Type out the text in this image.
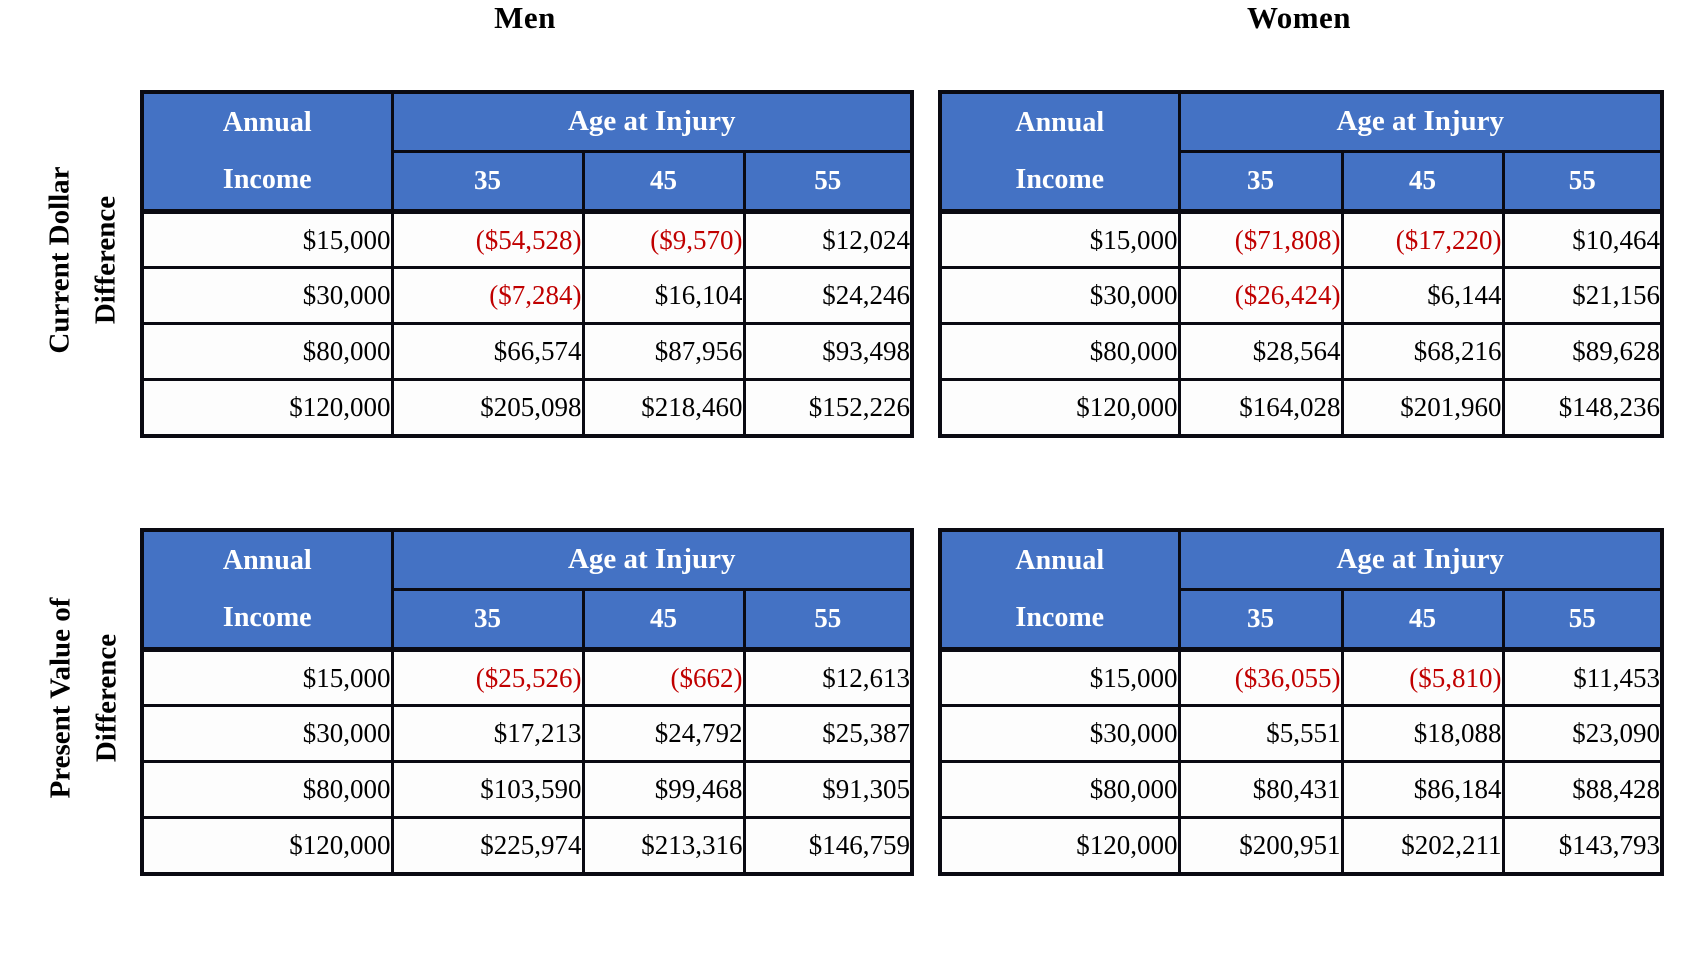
Men	Women
Current Dollar Difference
Present Value of Difference
Annual
Income	Age at Injury		
	35	45	55
$15,000	($54,528)	($9,570)	$12,024
$30,000	($7,284)	$16,104	$24,246
$80,000	$66,574	$87,956	$93,498
$120,000	$205,098	$218,460	$152,226
Annual
Income	Age at Injury		
	35	45	55
$15,000	($71,808)	($17,220)	$10,464
$30,000	($26,424)	$6,144	$21,156
$80,000	$28,564	$68,216	$89,628
$120,000	$164,028	$201,960	$148,236
Annual
Income	Age at Injury		
	35	45	55
$15,000	($25,526)	($662)	$12,613
$30,000	$17,213	$24,792	$25,387
$80,000	$103,590	$99,468	$91,305
$120,000	$225,974	$213,316	$146,759
Annual
Income	Age at Injury		
	35	45	55
$15,000	($36,055)	($5,810)	$11,453
$30,000	$5,551	$18,088	$23,090
$80,000	$80,431	$86,184	$88,428
$120,000	$200,951	$202,211	$143,793
